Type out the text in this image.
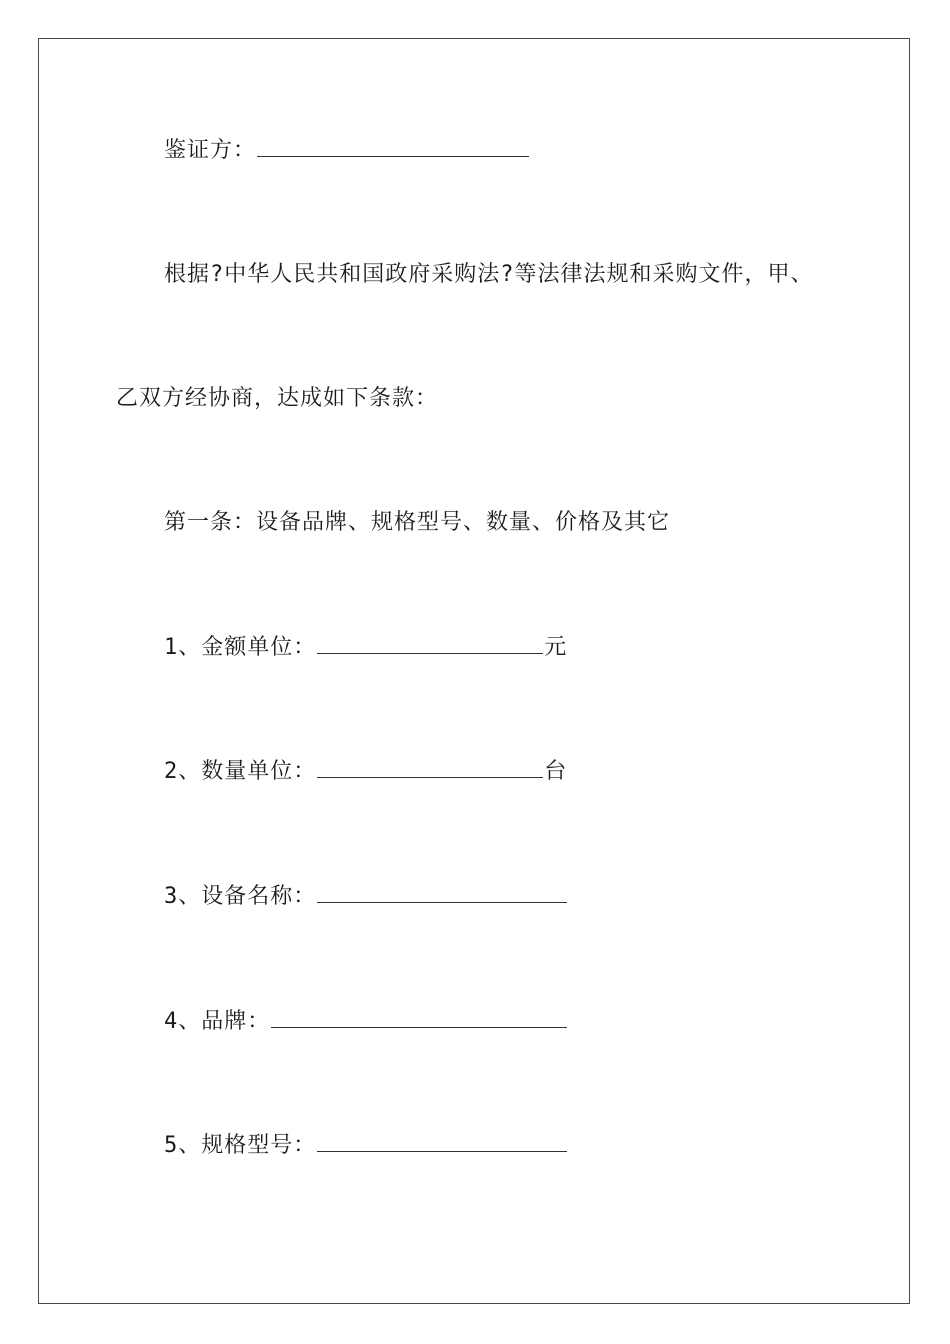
鉴证方：
根据?中华人民共和国政府采购法?等法律法规和采购文件，甲、
乙双方经协商，达成如下条款：
第一条：设备品牌、规格型号、数量、价格及其它
1、金额单位：	元
2、数量单位：	台
3、设备名称：
4、品牌：
5、规格型号：
